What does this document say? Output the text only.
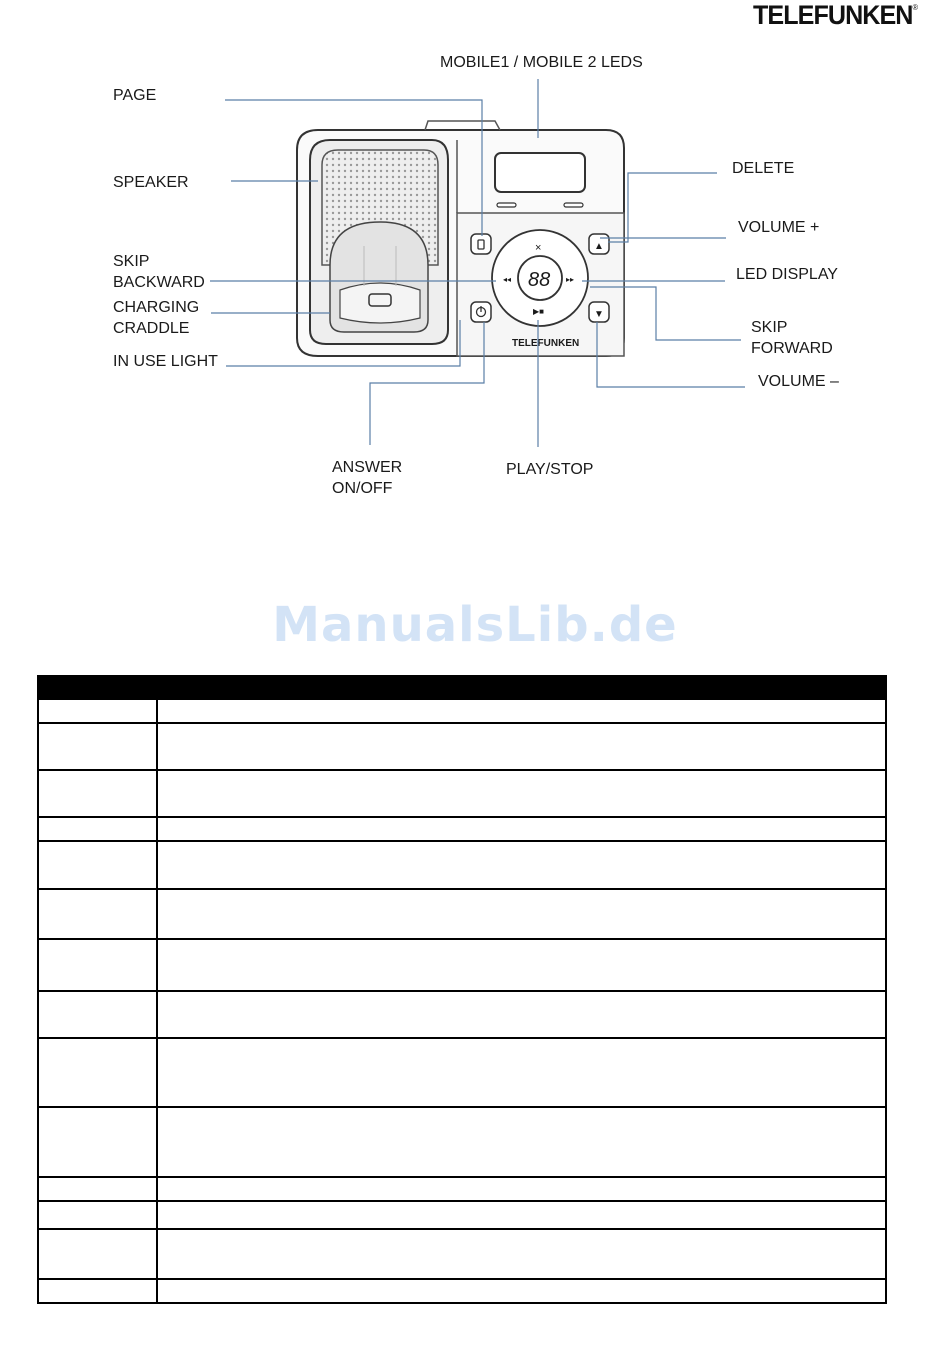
TELEFUNKEN®
▲
▼
88
×
◂◂	▸▸
▶■
TELEFUNKEN
MOBILE1 / MOBILE 2 LEDS
PAGE
SPEAKER
DELETE
VOLUME +
SKIP
BACKWARD	LED DISPLAY
CHARGING
CRADDLE	SKIP
FORWARD
IN USE LIGHT
VOLUME –
ANSWER
ON/OFF
PLAY/STOP
ManualsLib.de
